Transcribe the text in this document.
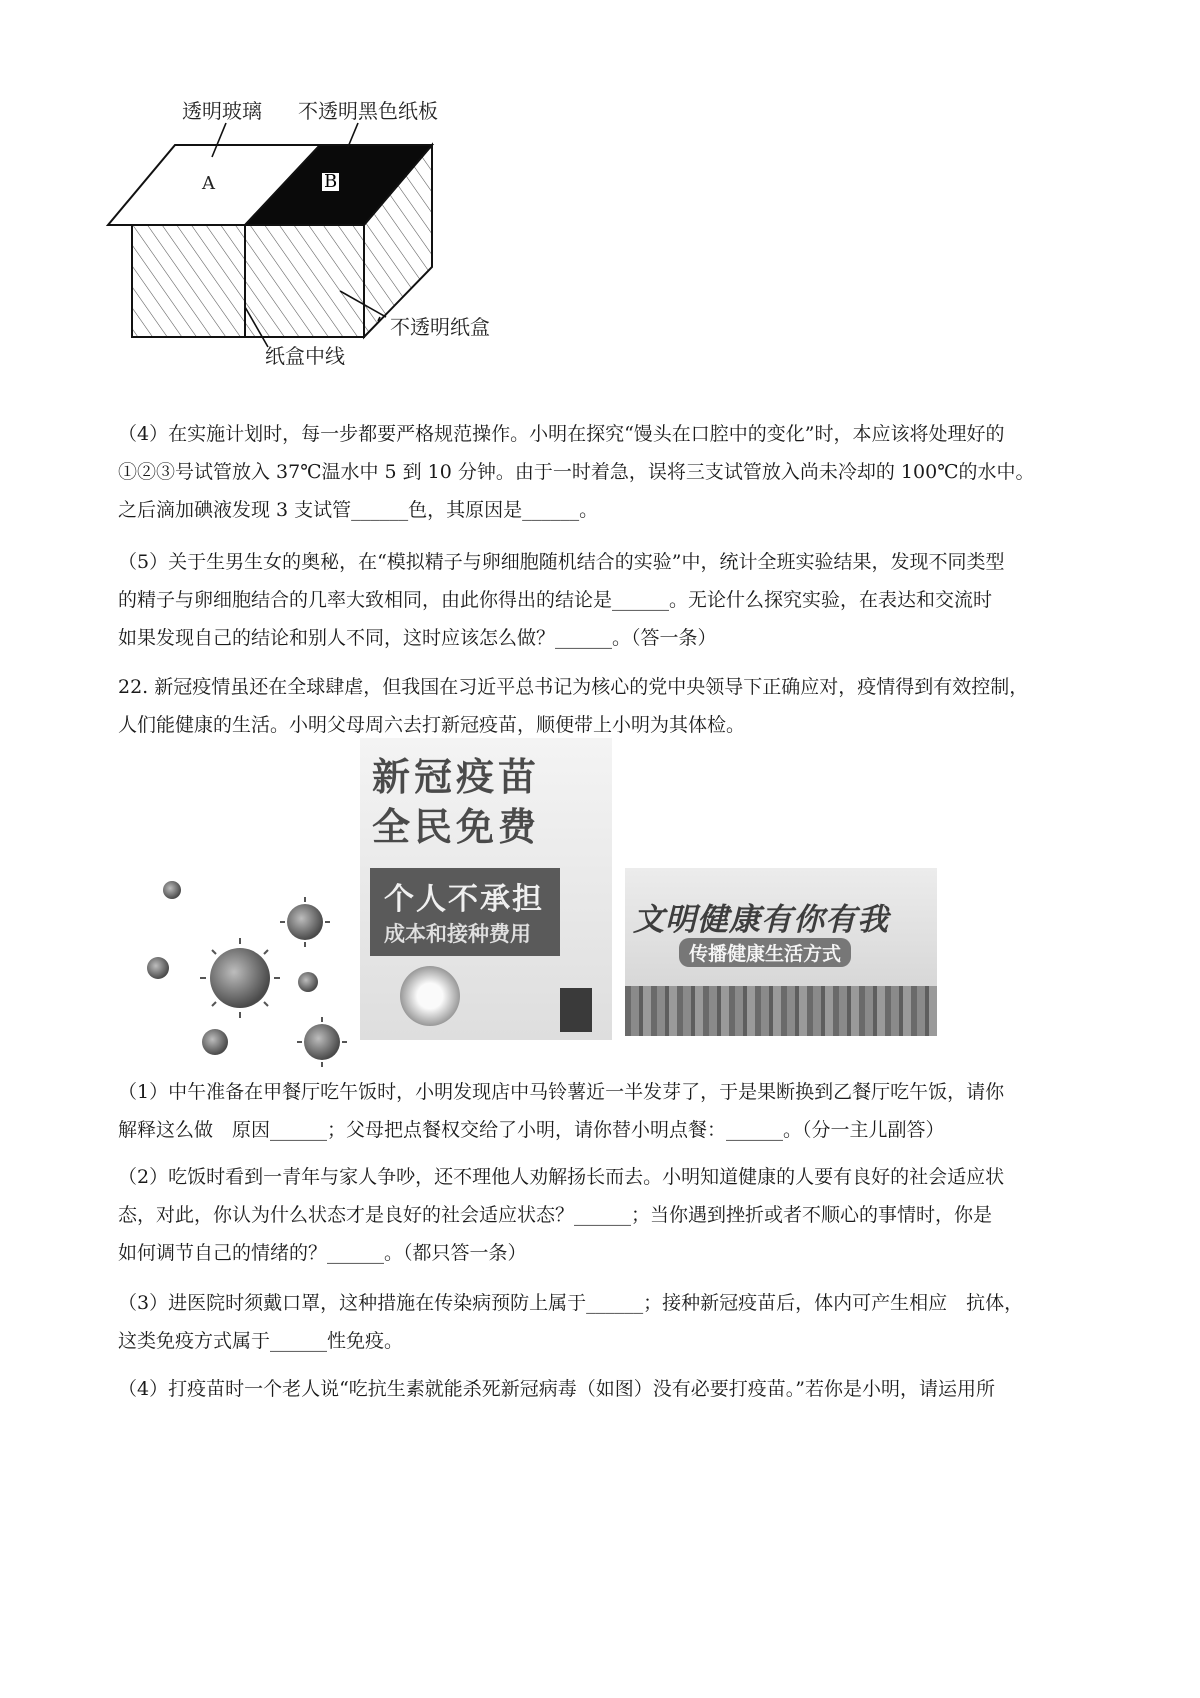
透明玻璃 不透明黑色纸板
A	B
不透明纸盒
纸盒中线
（4）在实施计划时，每一步都要严格规范操作。小明在探究“馒头在口腔中的变化”时，本应该将处理好的
①②③号试管放入 37℃温水中 5 到 10 分钟。由于一时着急，误将三支试管放入尚未冷却的 100℃的水中。
之后滴加碘液发现 3 支试管______色，其原因是______。
（5）关于生男生女的奥秘，在“模拟精子与卵细胞随机结合的实验”中，统计全班实验结果，发现不同类型
的精子与卵细胞结合的几率大致相同，由此你得出的结论是______。无论什么探究实验，在表达和交流时
如果发现自己的结论和别人不同，这时应该怎么做？______。（答一条）
22. 新冠疫情虽还在全球肆虐，但我国在习近平总书记为核心的党中央领导下正确应对，疫情得到有效控制，
人们能健康的生活。小明父母周六去打新冠疫苗，顺便带上小明为其体检。
新冠疫苗
全民免费
个人不承担
成本和接种费用	文明健康有你有我
传播健康生活方式
（1）中午准备在甲餐厅吃午饭时，小明发现店中马铃薯近一半发芽了，于是果断换到乙餐厅吃午饭，请你
解释这么做　原因______；父母把点餐权交给了小明，请你替小明点餐：______。（分一主儿副答）
（2）吃饭时看到一青年与家人争吵，还不理他人劝解扬长而去。小明知道健康的人要有良好的社会适应状
态，对此，你认为什么状态才是良好的社会适应状态？______；当你遇到挫折或者不顺心的事情时，你是
如何调节自己的情绪的？______。（都只答一条）
（3）进医院时须戴口罩，这种措施在传染病预防上属于______；接种新冠疫苗后，体内可产生相应　抗体，
这类免疫方式属于______性免疫。
（4）打疫苗时一个老人说“吃抗生素就能杀死新冠病毒（如图）没有必要打疫苗。”若你是小明，请运用所
